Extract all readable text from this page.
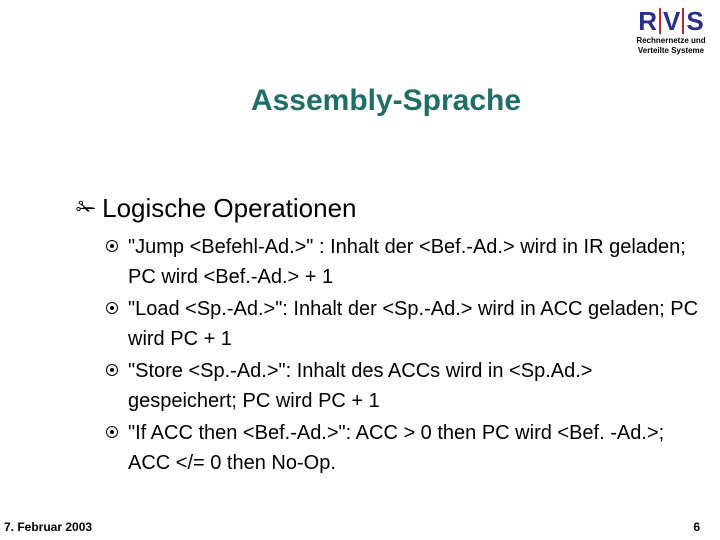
R V S
Rechnernetze und
Verteilte Systeme
Assembly-Sprache
✁ Logische Operationen
"Jump <Befehl-Ad.>" : Inhalt der <Bef.-Ad.> wird in IR geladen; PC wird <Bef.-Ad.> + 1
"Load <Sp.-Ad.>": Inhalt der <Sp.-Ad.> wird in ACC geladen; PC wird PC + 1
"Store <Sp.-Ad.>": Inhalt des ACCs wird in <Sp.Ad.> gespeichert; PC wird PC + 1
"If ACC then <Bef.-Ad.>": ACC > 0 then PC wird <Bef. -Ad.>; ACC </= 0 then No-Op.
7. Februar 2003	6
